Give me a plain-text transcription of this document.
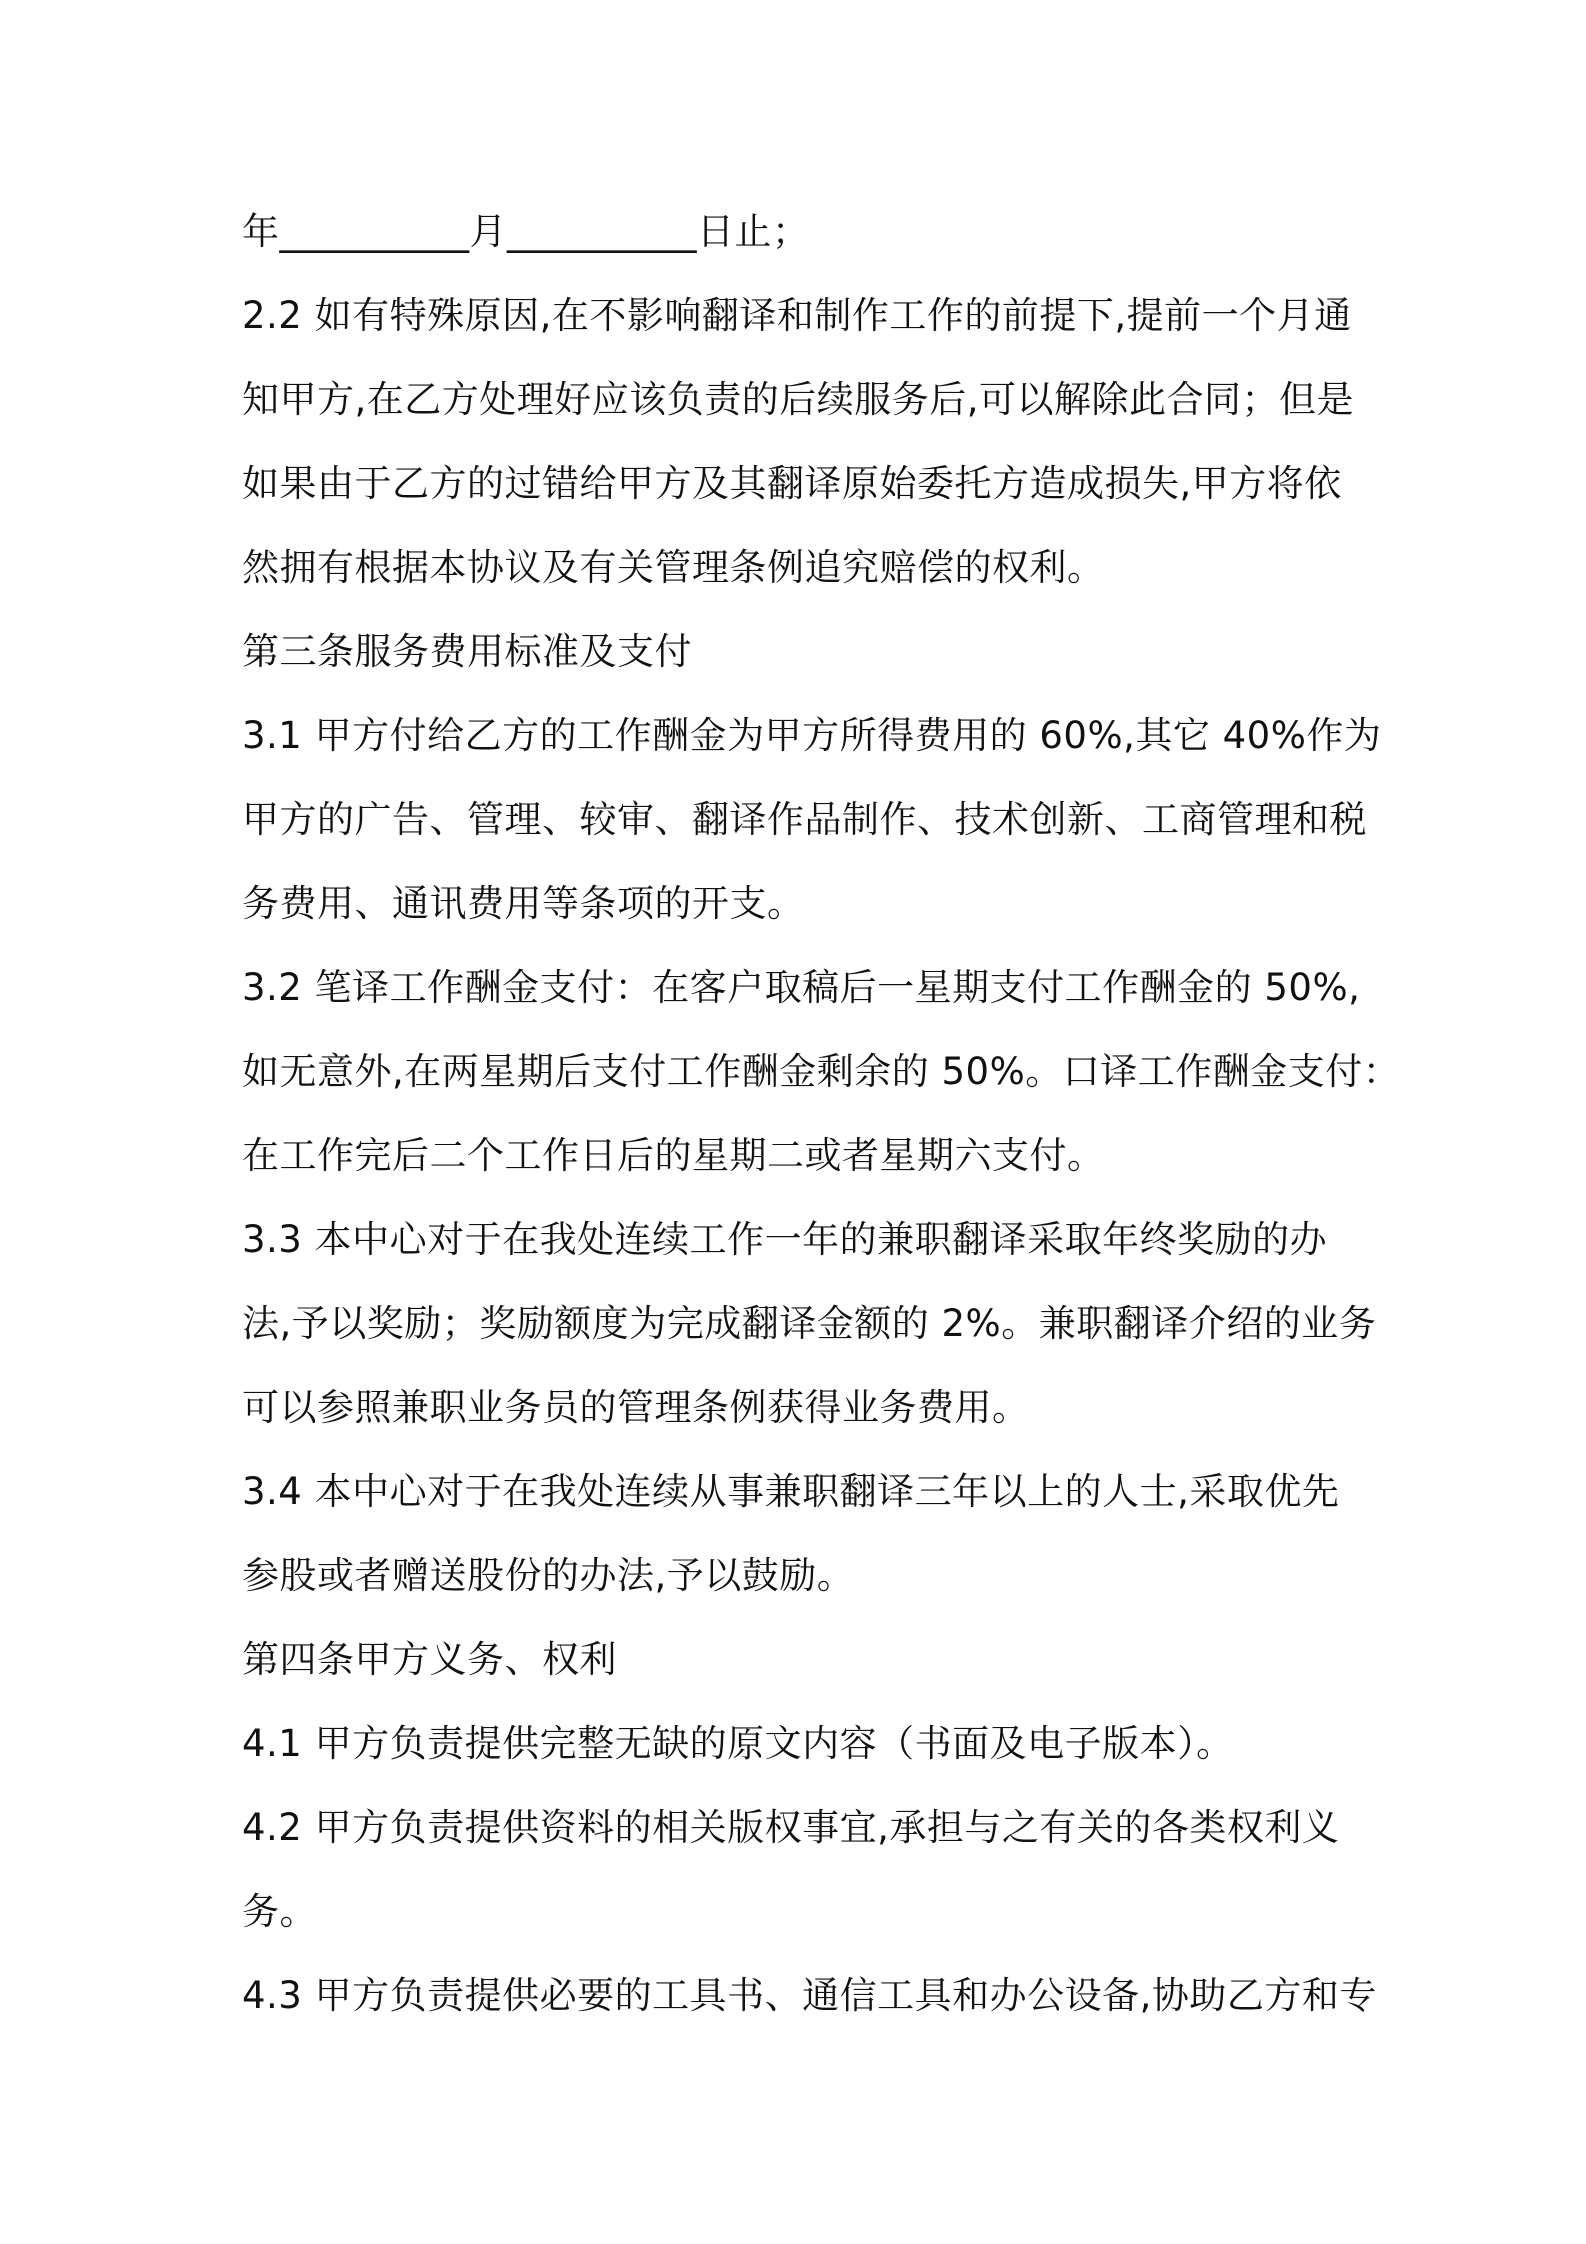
年__________月__________日止；
2.2 如有特殊原因,在不影响翻译和制作工作的前提下,提前一个月通
知甲方,在乙方处理好应该负责的后续服务后,可以解除此合同；但是
如果由于乙方的过错给甲方及其翻译原始委托方造成损失,甲方将依
然拥有根据本协议及有关管理条例追究赔偿的权利。
第三条服务费用标准及支付
3.1 甲方付给乙方的工作酬金为甲方所得费用的 60%,其它 40%作为
甲方的广告、管理、较审、翻译作品制作、技术创新、工商管理和税
务费用、通讯费用等条项的开支。
3.2 笔译工作酬金支付：在客户取稿后一星期支付工作酬金的 50%,
如无意外,在两星期后支付工作酬金剩余的 50%。口译工作酬金支付：
在工作完后二个工作日后的星期二或者星期六支付。
3.3 本中心对于在我处连续工作一年的兼职翻译采取年终奖励的办
法,予以奖励；奖励额度为完成翻译金额的 2%。兼职翻译介绍的业务
可以参照兼职业务员的管理条例获得业务费用。
3.4 本中心对于在我处连续从事兼职翻译三年以上的人士,采取优先
参股或者赠送股份的办法,予以鼓励。
第四条甲方义务、权利
4.1 甲方负责提供完整无缺的原文内容（书面及电子版本）。
4.2 甲方负责提供资料的相关版权事宜,承担与之有关的各类权利义
务。
4.3 甲方负责提供必要的工具书、通信工具和办公设备,协助乙方和专
